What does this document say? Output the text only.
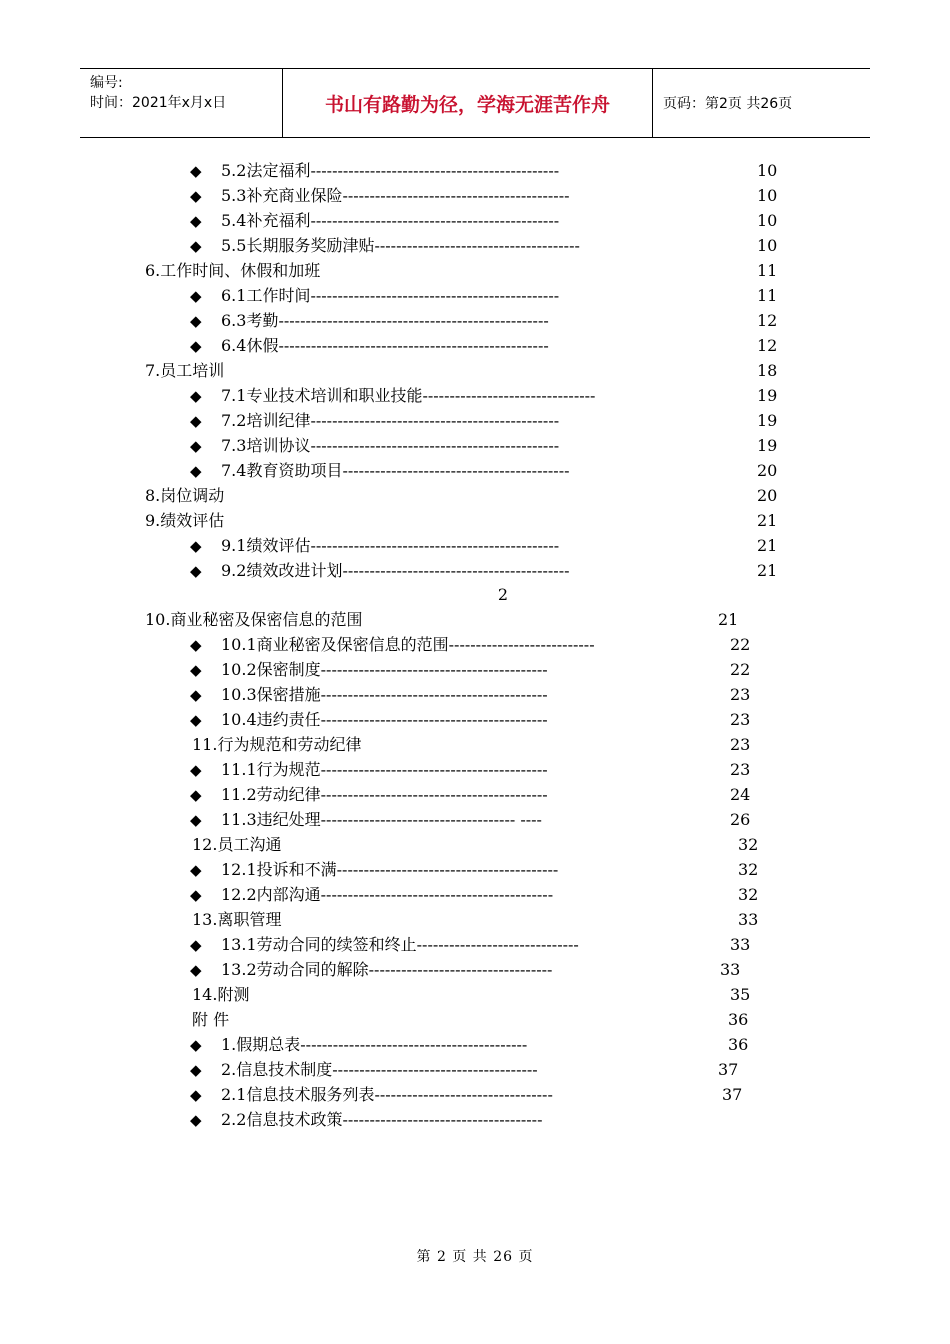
编号:
时间：2021年x月x日	书山有路勤为径，学海无涯苦作舟	页码：第2页 共26页
◆ 5.2法定福利----------------------------------------------	10
◆ 5.3补充商业保险------------------------------------------	10
◆ 5.4补充福利----------------------------------------------	10
◆ 5.5长期服务奖励津贴--------------------------------------	10
6.工作时间、休假和加班	11
◆ 6.1工作时间----------------------------------------------	11
◆ 6.3考勤--------------------------------------------------	12
◆ 6.4休假--------------------------------------------------	12
7.员工培训	18
◆ 7.1专业技术培训和职业技能--------------------------------	19
◆ 7.2培训纪律----------------------------------------------	19
◆ 7.3培训协议----------------------------------------------	19
◆ 7.4教育资助项目------------------------------------------	20
8.岗位调动	20
9.绩效评估	21
◆ 9.1绩效评估----------------------------------------------	21
◆ 9.2绩效改进计划------------------------------------------	21
10.商业秘密及保密信息的范围	21
◆ 10.1商业秘密及保密信息的范围---------------------------	22
◆ 10.2保密制度------------------------------------------	22
◆ 10.3保密措施------------------------------------------	23
◆ 10.4违约责任------------------------------------------	23
11.行为规范和劳动纪律	23
◆ 11.1行为规范------------------------------------------	23
◆ 11.2劳动纪律------------------------------------------	24
◆ 11.3违纪处理------------------------------------ ----	26
12.员工沟通	32
◆ 12.1投诉和不满-----------------------------------------	32
◆ 12.2内部沟通-------------------------------------------	32
13.离职管理	33
◆ 13.1劳动合同的续签和终止------------------------------	33
◆ 13.2劳动合同的解除----------------------------------	33
14.附测	35
附 件	36
◆ 1.假期总表------------------------------------------	36
◆ 2.信息技术制度--------------------------------------	37
◆ 2.1信息技术服务列表---------------------------------	37
◆ 2.2信息技术政策-------------------------------------
2
第 2 页 共 26 页
